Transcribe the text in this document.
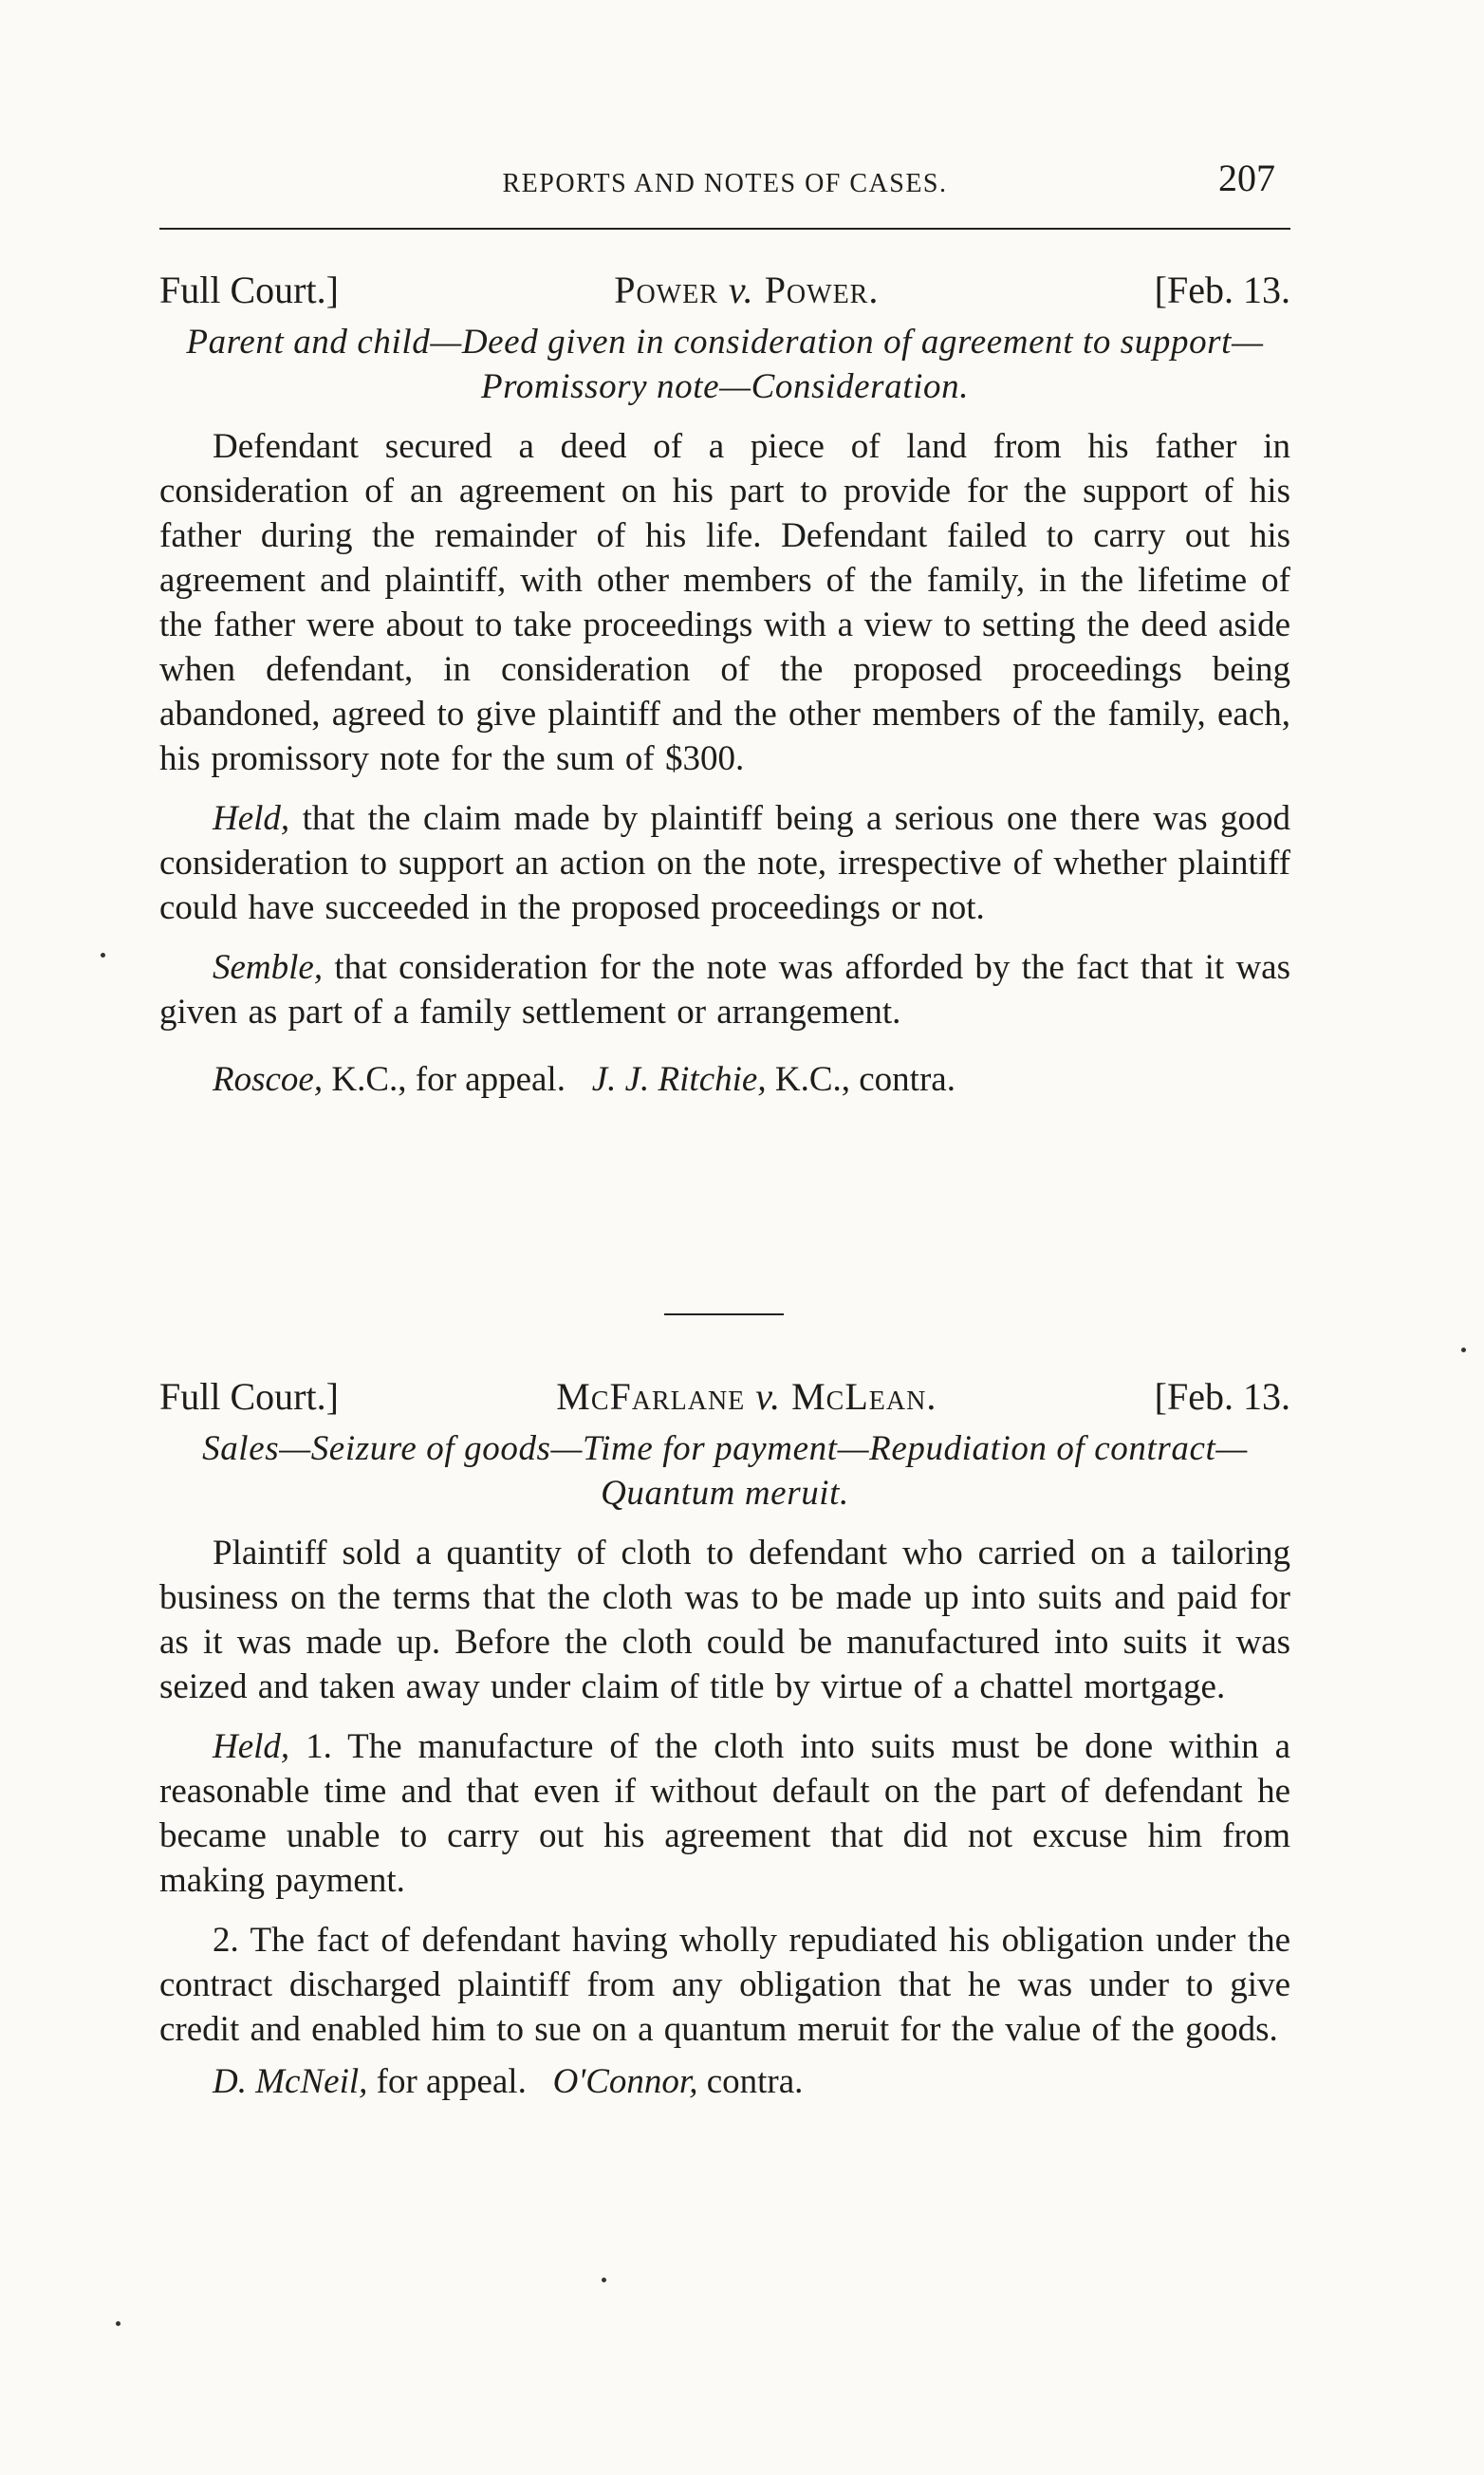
REPORTS AND NOTES OF CASES.	207
Full Court.]	Power v. Power.	[Feb. 13.
Parent and child—Deed given in consideration of agreement to support—Promissory note—Consideration.

Defendant secured a deed of a piece of land from his father in consideration of an agreement on his part to provide for the support of his father during the remainder of his life. Defendant failed to carry out his agreement and plaintiff, with other members of the family, in the lifetime of the father were about to take proceedings with a view to setting the deed aside when defendant, in consideration of the proposed proceedings being abandoned, agreed to give plaintiff and the other members of the family, each, his promissory note for the sum of $300.

Held, that the claim made by plaintiff being a serious one there was good consideration to support an action on the note, irrespective of whether plaintiff could have succeeded in the proposed proceedings or not.

Semble, that consideration for the note was afforded by the fact that it was given as part of a family settlement or arrangement.

Roscoe, K.C., for appeal. J. J. Ritchie, K.C., contra.
Full Court.]	McFarlane v. McLean.	[Feb. 13.
Sales—Seizure of goods—Time for payment—Repudiation of contract—Quantum meruit.

Plaintiff sold a quantity of cloth to defendant who carried on a tailoring business on the terms that the cloth was to be made up into suits and paid for as it was made up. Before the cloth could be manufactured into suits it was seized and taken away under claim of title by virtue of a chattel mortgage.

Held, 1. The manufacture of the cloth into suits must be done within a reasonable time and that even if without default on the part of defendant he became unable to carry out his agreement that did not excuse him from making payment.

2. The fact of defendant having wholly repudiated his obligation under the contract discharged plaintiff from any obligation that he was under to give credit and enabled him to sue on a quantum meruit for the value of the goods.

D. McNeil, for appeal. O'Connor, contra.
